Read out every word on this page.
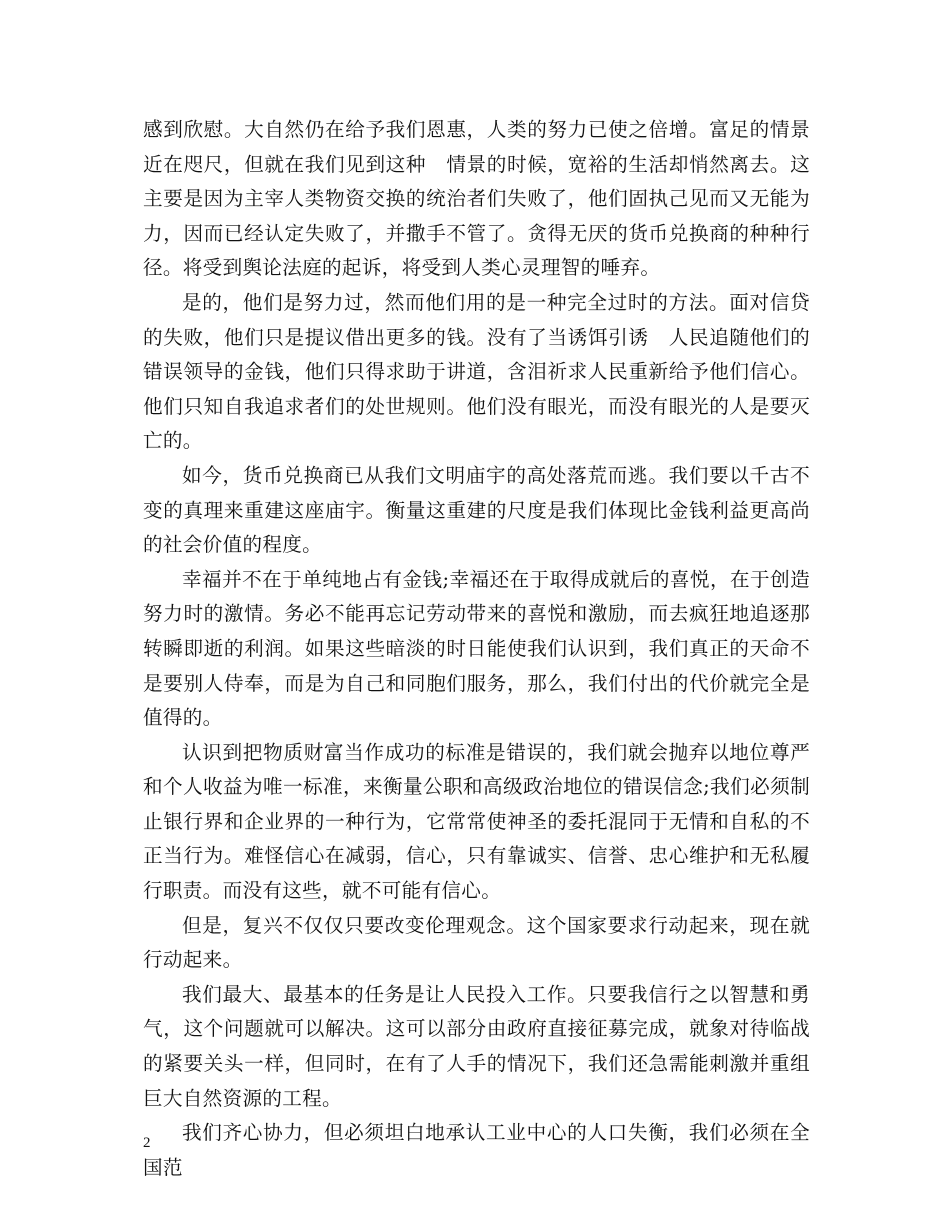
感到欣慰。大自然仍在给予我们恩惠，人类的努力已使之倍增。富足的情景近在咫尺，但就在我们见到这种　情景的时候，宽裕的生活却悄然离去。这主要是因为主宰人类物资交换的统治者们失败了，他们固执己见而又无能为力，因而已经认定失败了，并撒手不管了。贪得无厌的货币兑换商的种种行径。将受到舆论法庭的起诉，将受到人类心灵理智的唾弃。

是的，他们是努力过，然而他们用的是一种完全过时的方法。面对信贷的失败，他们只是提议借出更多的钱。没有了当诱饵引诱　人民追随他们的错误领导的金钱，他们只得求助于讲道，含泪祈求人民重新给予他们信心。他们只知自我追求者们的处世规则。他们没有眼光，而没有眼光的人是要灭亡的。

如今，货币兑换商已从我们文明庙宇的高处落荒而逃。我们要以千古不变的真理来重建这座庙宇。衡量这重建的尺度是我们体现比金钱利益更高尚的社会价值的程度。

幸福并不在于单纯地占有金钱;幸福还在于取得成就后的喜悦，在于创造努力时的激情。务必不能再忘记劳动带来的喜悦和激励，而去疯狂地追逐那转瞬即逝的利润。如果这些暗淡的时日能使我们认识到，我们真正的天命不是要别人侍奉，而是为自己和同胞们服务，那么，我们付出的代价就完全是值得的。

认识到把物质财富当作成功的标准是错误的，我们就会抛弃以地位尊严和个人收益为唯一标准，来衡量公职和高级政治地位的错误信念;我们必须制止银行界和企业界的一种行为，它常常使神圣的委托混同于无情和自私的不正当行为。难怪信心在减弱，信心，只有靠诚实、信誉、忠心维护和无私履行职责。而没有这些，就不可能有信心。

但是，复兴不仅仅只要改变伦理观念。这个国家要求行动起来，现在就行动起来。

我们最大、最基本的任务是让人民投入工作。只要我信行之以智慧和勇气，这个问题就可以解决。这可以部分由政府直接征募完成，就象对待临战的紧要关头一样，但同时，在有了人手的情况下，我们还急需能刺激并重组巨大自然资源的工程。

我们齐心协力，但必须坦白地承认工业中心的人口失衡，我们必须在全国范

2
